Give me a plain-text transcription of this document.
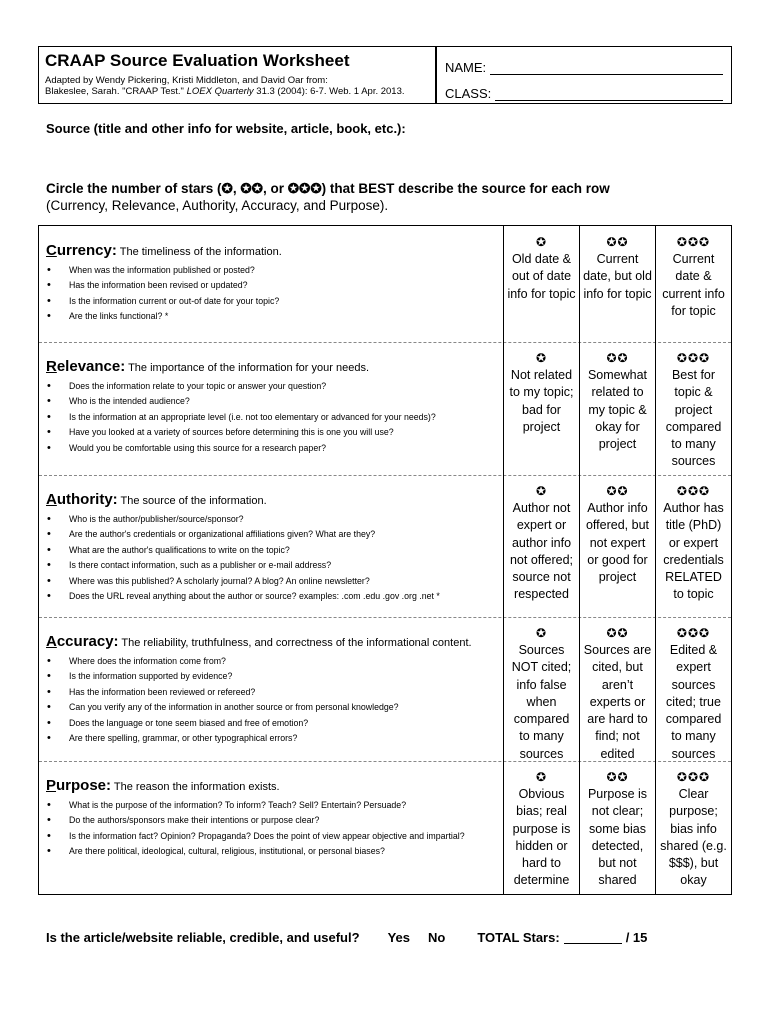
CRAAP Source Evaluation Worksheet
Adapted by Wendy Pickering, Kristi Middleton, and David Oar from:
Blakeslee, Sarah. "CRAAP Test." LOEX Quarterly 31.3 (2004): 6-7. Web. 1 Apr. 2013.
NAME:
CLASS:
Source (title and other info for website, article, book, etc.):
Circle the number of stars (✪, ✪✪, or ✪✪✪) that BEST describe the source for each row
(Currency, Relevance, Authority, Accuracy, and Purpose).
Currency: The timeliness of the information.
• When was the information published or posted?
• Has the information been revised or updated?
• Is the information current or out-of date for your topic?
• Are the links functional? *
✪
Old date & out of date info for topic
✪✪
Current date, but old info for topic
✪✪✪
Current date & current info for topic
Relevance: The importance of the information for your needs.
• Does the information relate to your topic or answer your question?
• Who is the intended audience?
• Is the information at an appropriate level (i.e. not too elementary or advanced for your needs)?
• Have you looked at a variety of sources before determining this is one you will use?
• Would you be comfortable using this source for a research paper?
✪
Not related to my topic; bad for project
✪✪
Somewhat related to my topic & okay for project
✪✪✪
Best for topic & project compared to many sources
Authority: The source of the information.
• Who is the author/publisher/source/sponsor?
• Are the author's credentials or organizational affiliations given? What are they?
• What are the author's qualifications to write on the topic?
• Is there contact information, such as a publisher or e-mail address?
• Where was this published? A scholarly journal? A blog? An online newsletter?
• Does the URL reveal anything about the author or source? examples: .com .edu .gov .org .net *
✪
Author not expert or author info not offered; source not respected
✪✪
Author info offered, but not expert or good for project
✪✪✪
Author has title (PhD) or expert credentials RELATED to topic
Accuracy: The reliability, truthfulness, and correctness of the informational content.
• Where does the information come from?
• Is the information supported by evidence?
• Has the information been reviewed or refereed?
• Can you verify any of the information in another source or from personal knowledge?
• Does the language or tone seem biased and free of emotion?
• Are there spelling, grammar, or other typographical errors?
✪
Sources NOT cited; info false when compared to many sources
✪✪
Sources are cited, but aren’t experts or are hard to find; not edited
✪✪✪
Edited & expert sources cited; true compared to many sources
Purpose: The reason the information exists.
• What is the purpose of the information? To inform? Teach? Sell? Entertain? Persuade?
• Do the authors/sponsors make their intentions or purpose clear?
• Is the information fact? Opinion? Propaganda? Does the point of view appear objective and impartial?
• Are there political, ideological, cultural, religious, institutional, or personal biases?
✪
Obvious bias; real purpose is hidden or hard to determine
✪✪
Purpose is not clear; some bias detected, but not shared
✪✪✪
Clear purpose; bias info shared (e.g. $$$), but okay
Is the article/website reliable, credible, and useful? Yes No TOTAL Stars:	/ 15
